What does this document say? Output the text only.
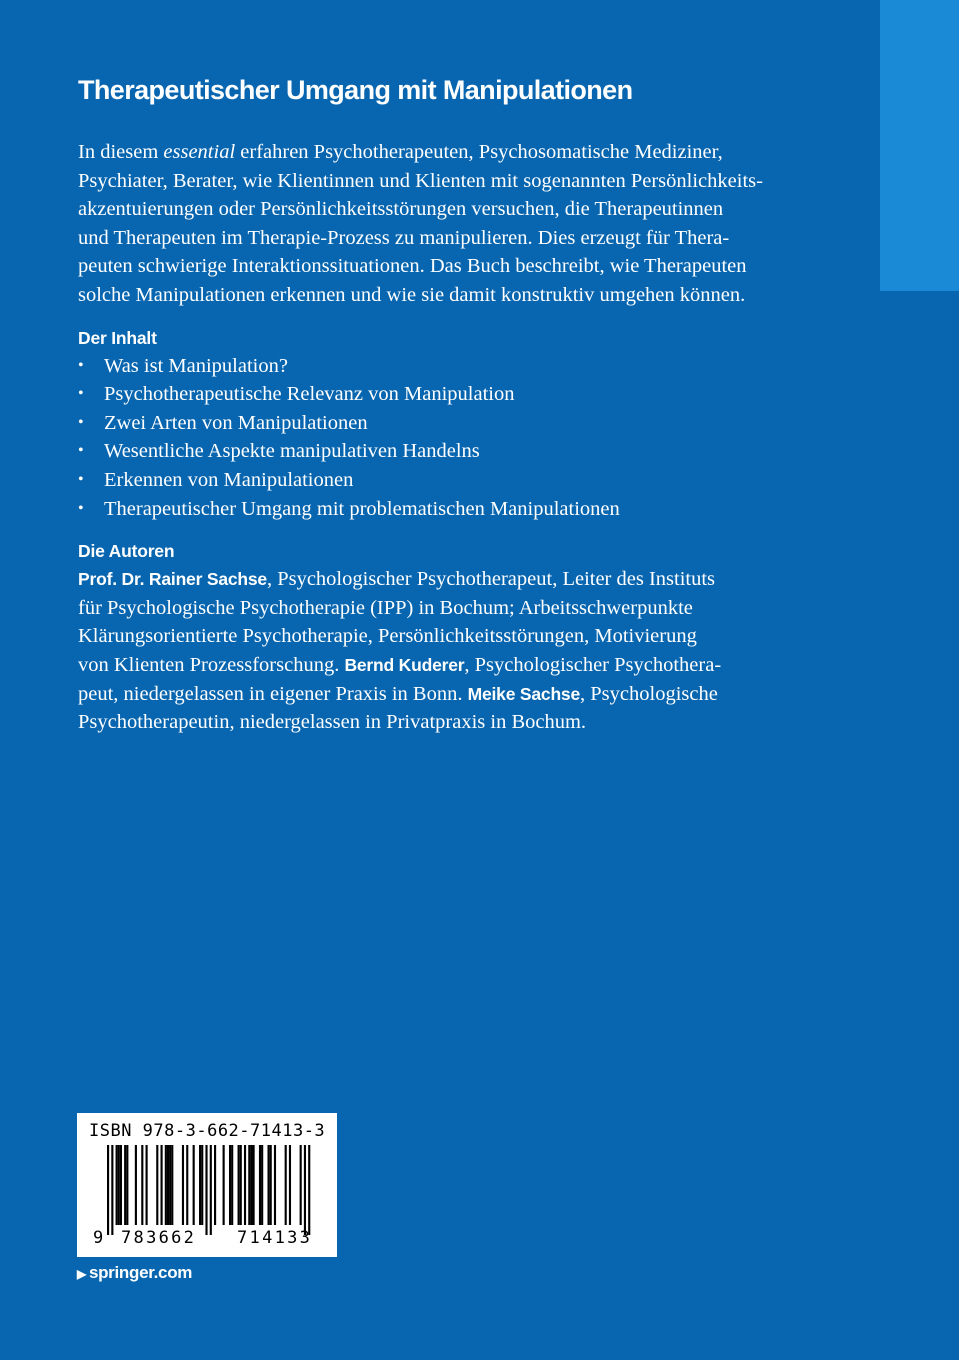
Therapeutischer Umgang mit Manipulationen

In diesem essential erfahren Psychotherapeuten, Psychosomatische Mediziner,
Psychiater, Berater, wie Klientinnen und Klienten mit sogenannten Persönlichkeits-
akzentuierungen oder Persönlichkeitsstörungen versuchen, die Therapeutinnen
und Therapeuten im Therapie-Prozess zu manipulieren. Dies erzeugt für Thera-
peuten schwierige Interaktionssituationen. Das Buch beschreibt, wie Therapeuten
solche Manipulationen erkennen und wie sie damit konstruktiv umgehen können.

Der Inhalt
• Was ist Manipulation?
• Psychotherapeutische Relevanz von Manipulation
• Zwei Arten von Manipulationen
• Wesentliche Aspekte manipulativen Handelns
• Erkennen von Manipulationen
• Therapeutischer Umgang mit problematischen Manipulationen
Die Autoren
Prof. Dr. Rainer Sachse, Psychologischer Psychotherapeut, Leiter des Instituts
für Psychologische Psychotherapie (IPP) in Bochum; Arbeitsschwerpunkte
Klärungsorientierte Psychotherapie, Persönlichkeitsstörungen, Motivierung
von Klienten Prozessforschung. Bernd Kuderer, Psychologischer Psychothera-
peut, niedergelassen in eigener Praxis in Bonn. Meike Sachse, Psychologische
Psychotherapeutin, niedergelassen in Privatpraxis in Bochum.
ISBN 978-3-662-71413-3
9 783662 714133
▶ springer.com
